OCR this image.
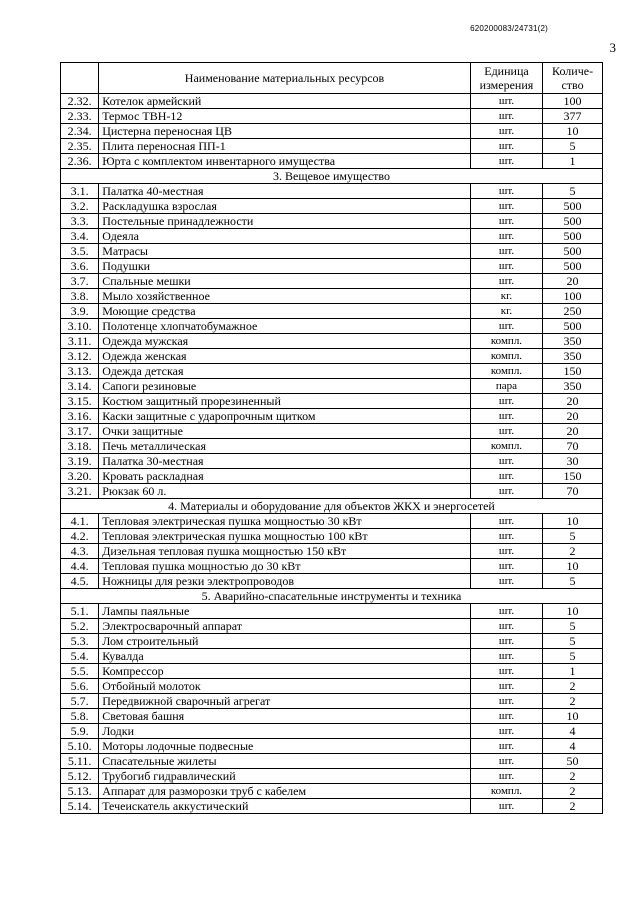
620200083/24731(2)
3
	Наименование материальных ресурсов	Единица измерения	Количе-ство
2.32.	Котелок армейский	шт.	100
2.33.	Термос ТВН-12	шт.	377
2.34.	Цистерна переносная ЦВ	шт.	10
2.35.	Плита переносная ПП-1	шт.	5
2.36.	Юрта с комплектом инвентарного имущества	шт.	1
3. Вещевое имущество			
3.1.	Палатка 40-местная	шт.	5
3.2.	Раскладушка взрослая	шт.	500
3.3.	Постельные принадлежности	шт.	500
3.4.	Одеяла	шт.	500
3.5.	Матрасы	шт.	500
3.6.	Подушки	шт.	500
3.7.	Спальные мешки	шт.	20
3.8.	Мыло хозяйственное	кг.	100
3.9.	Моющие средства	кг.	250
3.10.	Полотенце хлопчатобумажное	шт.	500
3.11.	Одежда мужская	компл.	350
3.12.	Одежда женская	компл.	350
3.13.	Одежда детская	компл.	150
3.14.	Сапоги резиновые	пара	350
3.15.	Костюм защитный прорезиненный	шт.	20
3.16.	Каски защитные с ударопрочным щитком	шт.	20
3.17.	Очки защитные	шт.	20
3.18.	Печь металлическая	компл.	70
3.19.	Палатка 30-местная	шт.	30
3.20.	Кровать раскладная	шт.	150
3.21.	Рюкзак 60 л.	шт.	70
4. Материалы и оборудование для объектов ЖКХ и энергосетей			
4.1.	Тепловая электрическая пушка мощностью 30 кВт	шт.	10
4.2.	Тепловая электрическая пушка мощностью 100 кВт	шт.	5
4.3.	Дизельная тепловая пушка мощностью 150 кВт	шт.	2
4.4.	Тепловая пушка мощностью до 30 кВт	шт.	10
4.5.	Ножницы для резки электропроводов	шт.	5
5. Аварийно-спасательные инструменты и техника			
5.1.	Лампы паяльные	шт.	10
5.2.	Электросварочный аппарат	шт.	5
5.3.	Лом строительный	шт.	5
5.4.	Кувалда	шт.	5
5.5.	Компрессор	шт.	1
5.6.	Отбойный молоток	шт.	2
5.7.	Передвижной сварочный агрегат	шт.	2
5.8.	Световая башня	шт.	10
5.9.	Лодки	шт.	4
5.10.	Моторы лодочные подвесные	шт.	4
5.11.	Спасательные жилеты	шт.	50
5.12.	Трубогиб гидравлический	шт.	2
5.13.	Аппарат для разморозки труб с кабелем	компл.	2
5.14.	Течеискатель аккустический	шт.	2
